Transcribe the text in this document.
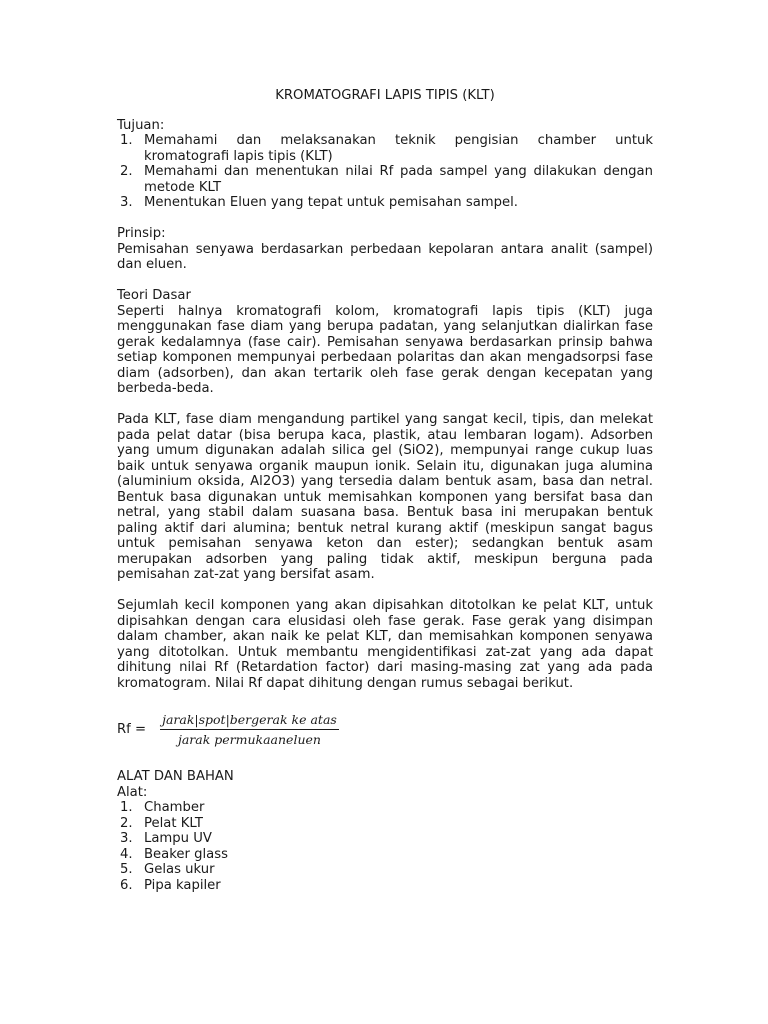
KROMATOGRAFI LAPIS TIPIS (KLT)

Tujuan:

1. Memahami dan melaksanakan teknik pengisian chamber untuk kromatografi lapis tipis (KLT)
2. Memahami dan menentukan nilai Rf pada sampel yang dilakukan dengan metode KLT
3. Menentukan Eluen yang tepat untuk pemisahan sampel.

Prinsip:

Pemisahan senyawa berdasarkan perbedaan kepolaran antara analit (sampel) dan eluen.

Teori Dasar

Seperti halnya kromatografi kolom, kromatografi lapis tipis (KLT) juga menggunakan fase diam yang berupa padatan, yang selanjutkan dialirkan fase gerak kedalamnya (fase cair). Pemisahan senyawa berdasarkan prinsip bahwa setiap komponen mempunyai perbedaan polaritas dan akan mengadsorpsi fase diam (adsorben), dan akan tertarik oleh fase gerak dengan kecepatan yang berbeda-beda.

Pada KLT, fase diam mengandung partikel yang sangat kecil, tipis, dan melekat pada pelat datar (bisa berupa kaca, plastik, atau lembaran logam). Adsorben yang umum digunakan adalah silica gel (SiO2), mempunyai range cukup luas baik untuk senyawa organik maupun ionik. Selain itu, digunakan juga alumina (aluminium oksida, Al2O3) yang tersedia dalam bentuk asam, basa dan netral. Bentuk basa digunakan untuk memisahkan komponen yang bersifat basa dan netral, yang stabil dalam suasana basa. Bentuk basa ini merupakan bentuk paling aktif dari alumina; bentuk netral kurang aktif (meskipun sangat bagus untuk pemisahan senyawa keton dan ester); sedangkan bentuk asam merupakan adsorben yang paling tidak aktif, meskipun berguna pada pemisahan zat-zat yang bersifat asam.

Sejumlah kecil komponen yang akan dipisahkan ditotolkan ke pelat KLT, untuk dipisahkan dengan cara elusidasi oleh fase gerak. Fase gerak yang disimpan dalam chamber, akan naik ke pelat KLT, dan memisahkan komponen senyawa yang ditotolkan. Untuk membantu mengidentifikasi zat-zat yang ada dapat dihitung nilai Rf (Retardation factor) dari masing-masing zat yang ada pada kromatogram. Nilai Rf dapat dihitung dengan rumus sebagai berikut.

$Rf = \frac{\text{jarak|spot|bergerak ke atas}}{\text{jarak permukaaneluen}}$

ALAT DAN BAHAN

Alat:

1. Chamber
2. Pelat KLT
3. Lampu UV
4. Beaker glass
5. Gelas ukur
6. Pipa kapiler
